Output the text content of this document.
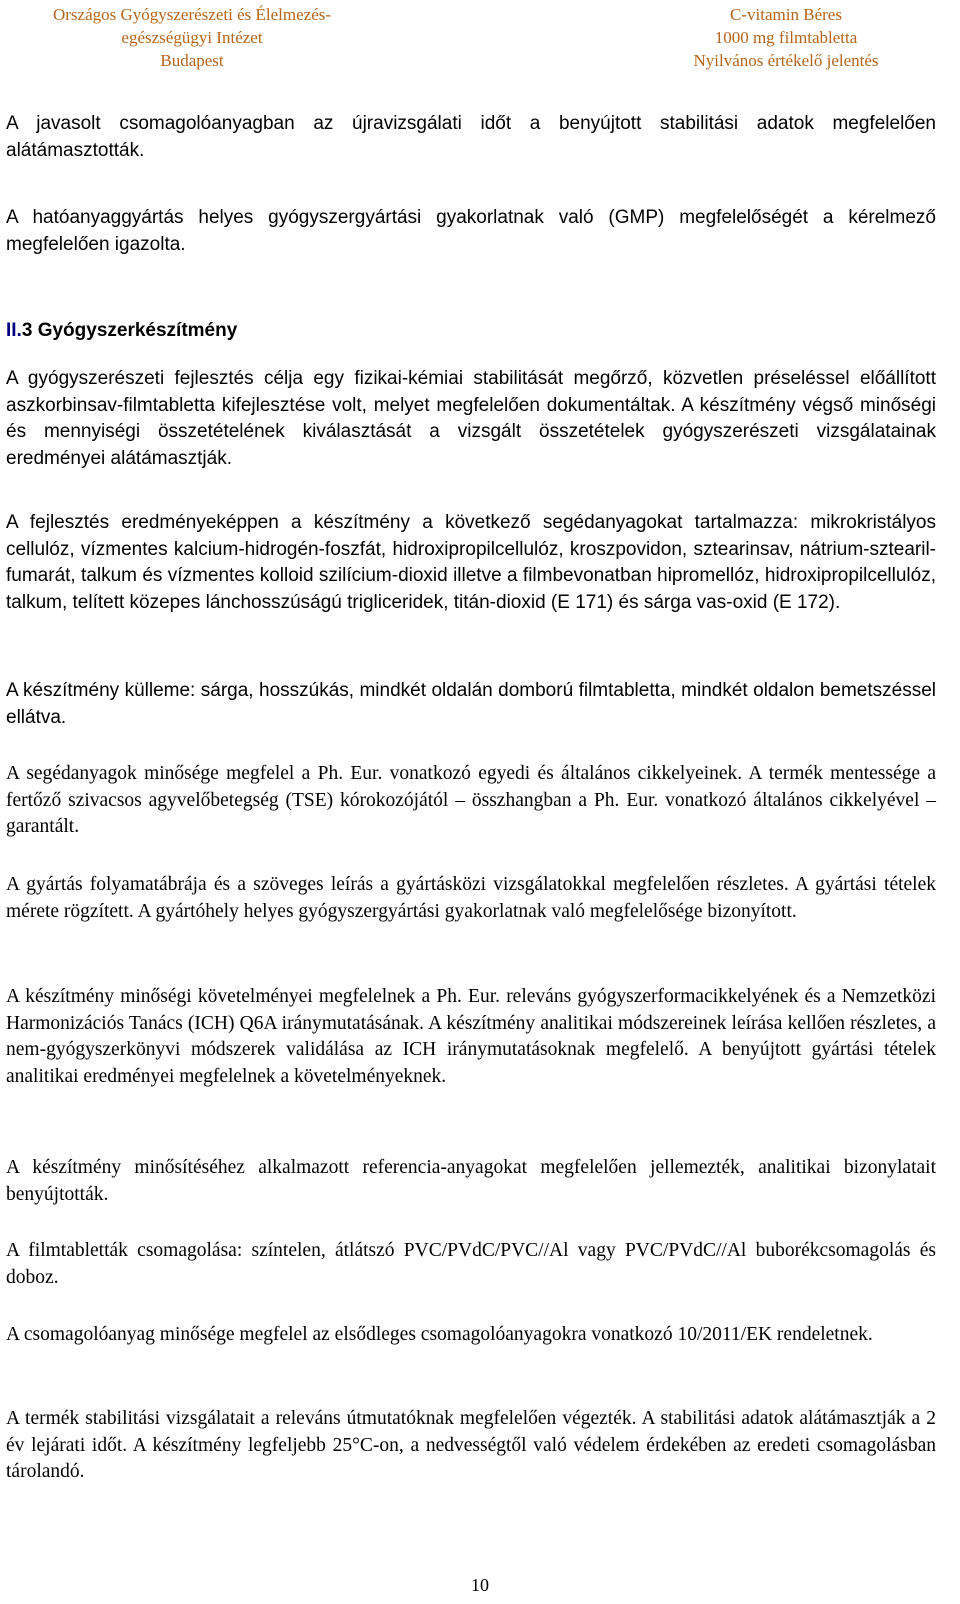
Országos Gyógyszerészeti és Élelmezés-
egészségügyi Intézet
Budapest
C-vitamin Béres
1000 mg filmtabletta
Nyilvános értékelő jelentés

A javasolt csomagolóanyagban az újravizsgálati időt a benyújtott stabilitási adatok megfelelően alátámasztották.

A hatóanyaggyártás helyes gyógyszergyártási gyakorlatnak való (GMP) megfelelőségét a kérelmező megfelelően igazolta.

II.3 Gyógyszerkészítmény

A gyógyszerészeti fejlesztés célja egy fizikai-kémiai stabilitását megőrző, közvetlen préseléssel előállított aszkorbinsav-filmtabletta kifejlesztése volt, melyet megfelelően dokumentáltak. A készítmény végső minőségi és mennyiségi összetételének kiválasztását a vizsgált összetételek gyógyszerészeti vizsgálatainak eredményei alátámasztják.

A fejlesztés eredményeképpen a készítmény a következő segédanyagokat tartalmazza: mikrokristályos cellulóz, vízmentes kalcium-hidrogén-foszfát, hidroxipropilcellulóz, kroszpovidon, sztearinsav, nátrium-sztearil-fumarát, talkum és vízmentes kolloid szilícium-dioxid illetve a filmbevonatban hipromellóz, hidroxipropilcellulóz, talkum, telített közepes lánchosszúságú trigliceridek, titán-dioxid (E 171) és sárga vas-oxid (E 172).

A készítmény külleme: sárga, hosszúkás, mindkét oldalán domború filmtabletta, mindkét oldalon bemetszéssel ellátva.

A segédanyagok minősége megfelel a Ph. Eur. vonatkozó egyedi és általános cikkelyeinek. A termék mentessége a fertőző szivacsos agyvelőbetegség (TSE) kórokozójától – összhangban a Ph. Eur. vonatkozó általános cikkelyével – garantált.

A gyártás folyamatábrája és a szöveges leírás a gyártásközi vizsgálatokkal megfelelően részletes. A gyártási tételek mérete rögzített. A gyártóhely helyes gyógyszergyártási gyakorlatnak való megfelelősége bizonyított.

A készítmény minőségi követelményei megfelelnek a Ph. Eur. releváns gyógyszerformacikkelyének és a Nemzetközi Harmonizációs Tanács (ICH) Q6A iránymutatásának. A készítmény analitikai módszereinek leírása kellően részletes, a nem-gyógyszerkönyvi módszerek validálása az ICH iránymutatásoknak megfelelő. A benyújtott gyártási tételek analitikai eredményei megfelelnek a követelményeknek.

A készítmény minősítéséhez alkalmazott referencia-anyagokat megfelelően jellemezték, analitikai bizonylatait benyújtották.

A filmtabletták csomagolása: színtelen, átlátszó PVC/PVdC/PVC//Al vagy PVC/PVdC//Al buborékcsomagolás és doboz.

A csomagolóanyag minősége megfelel az elsődleges csomagolóanyagokra vonatkozó 10/2011/EK rendeletnek.

A termék stabilitási vizsgálatait a releváns útmutatóknak megfelelően végezték. A stabilitási adatok alátámasztják a 2 év lejárati időt. A készítmény legfeljebb 25°C-on, a nedvességtől való védelem érdekében az eredeti csomagolásban tárolandó.

10
